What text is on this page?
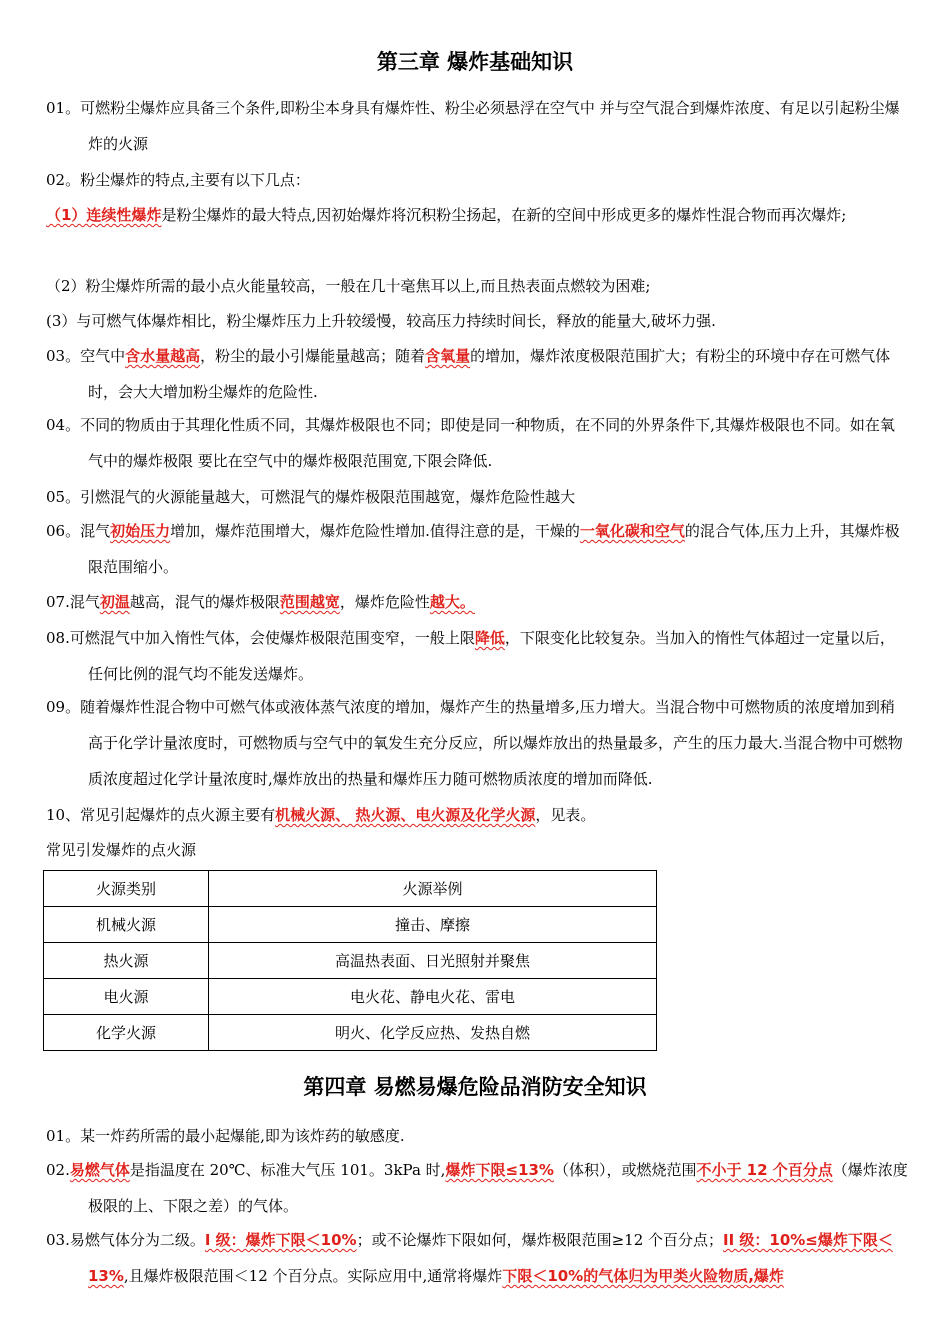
第三章 爆炸基础知识
01。可燃粉尘爆炸应具备三个条件,即粉尘本身具有爆炸性、粉尘必须悬浮在空气中 并与空气混合到爆炸浓度、有足以引起粉尘爆炸的火源
02。粉尘爆炸的特点,主要有以下几点：
（1）连续性爆炸是粉尘爆炸的最大特点,因初始爆炸将沉积粉尘扬起，在新的空间中形成更多的爆炸性混合物而再次爆炸;
（2）粉尘爆炸所需的最小点火能量较高，一般在几十毫焦耳以上,而且热表面点燃较为困难;
(3）与可燃气体爆炸相比，粉尘爆炸压力上升较缓慢，较高压力持续时间长，释放的能量大,破坏力强.
03。空气中含水量越高，粉尘的最小引爆能量越高；随着含氧量的增加，爆炸浓度极限范围扩大；有粉尘的环境中存在可燃气体时，会大大增加粉尘爆炸的危险性.
04。不同的物质由于其理化性质不同，其爆炸极限也不同；即使是同一种物质，在不同的外界条件下,其爆炸极限也不同。如在氧气中的爆炸极限 要比在空气中的爆炸极限范围宽,下限会降低.
05。引燃混气的火源能量越大，可燃混气的爆炸极限范围越宽，爆炸危险性越大
06。混气初始压力增加，爆炸范围增大，爆炸危险性增加.值得注意的是，干燥的一氧化碳和空气的混合气体,压力上升，其爆炸极限范围缩小。
07.混气初温越高，混气的爆炸极限范围越宽，爆炸危险性越大。
08.可燃混气中加入惰性气体，会使爆炸极限范围变窄，一般上限降低，下限变化比较复杂。当加入的惰性气体超过一定量以后，任何比例的混气均不能发送爆炸。
09。随着爆炸性混合物中可燃气体或液体蒸气浓度的增加，爆炸产生的热量增多,压力增大。当混合物中可燃物质的浓度增加到稍高于化学计量浓度时，可燃物质与空气中的氧发生充分反应，所以爆炸放出的热量最多，产生的压力最大.当混合物中可燃物质浓度超过化学计量浓度时,爆炸放出的热量和爆炸压力随可燃物质浓度的增加而降低.
10、常见引起爆炸的点火源主要有机械火源、 热火源、电火源及化学火源，见表。
常见引发爆炸的点火源
火源类别	火源举例
机械火源	撞击、摩擦
热火源	高温热表面、日光照射并聚焦
电火源	电火花、静电火花、雷电
化学火源	明火、化学反应热、发热自燃
第四章 易燃易爆危险品消防安全知识
01。某一炸药所需的最小起爆能,即为该炸药的敏感度.
02.易燃气体是指温度在 20℃、标准大气压 101。3kPa 时,爆炸下限≤13%（体积），或燃烧范围不小于 12 个百分点（爆炸浓度极限的上、下限之差）的气体。
03.易燃气体分为二级。I 级：爆炸下限＜10%；或不论爆炸下限如何，爆炸极限范围≥12 个百分点；II 级：10%≤爆炸下限＜13%,且爆炸极限范围＜12 个百分点。实际应用中,通常将爆炸下限＜10%的气体归为甲类火险物质,爆炸
